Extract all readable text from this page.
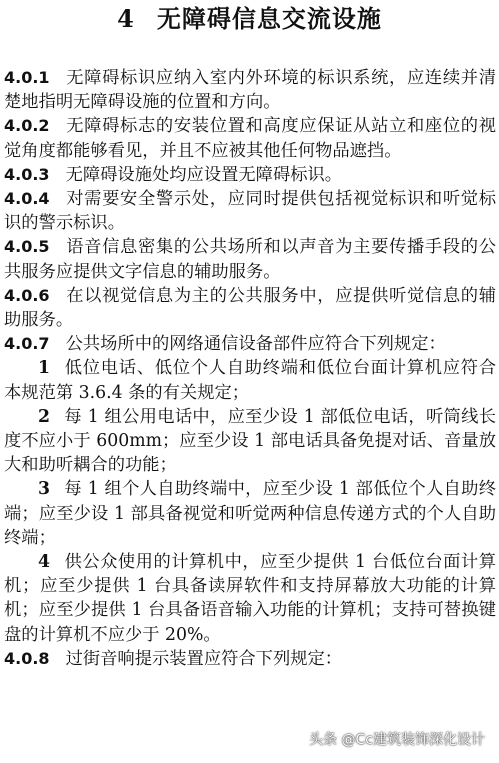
4 无障碍信息交流设施

4.0.1 无障碍标识应纳入室内外环境的标识系统，应连续并清楚地指明无障碍设施的位置和方向。

4.0.2 无障碍标志的安装位置和高度应保证从站立和座位的视觉角度都能够看见，并且不应被其他任何物品遮挡。

4.0.3 无障碍设施处均应设置无障碍标识。

4.0.4 对需要安全警示处，应同时提供包括视觉标识和听觉标识的警示标识。

4.0.5 语音信息密集的公共场所和以声音为主要传播手段的公共服务应提供文字信息的辅助服务。

4.0.6 在以视觉信息为主的公共服务中，应提供听觉信息的辅助服务。

4.0.7 公共场所中的网络通信设备部件应符合下列规定：

1 低位电话、低位个人自助终端和低位台面计算机应符合本规范第 3.6.4 条的有关规定；

2 每 1 组公用电话中，应至少设 1 部低位电话，听筒线长度不应小于 600mm；应至少设 1 部电话具备免提对话、音量放大和助听耦合的功能；

3 每 1 组个人自助终端中，应至少设 1 部低位个人自助终端；应至少设 1 部具备视觉和听觉两种信息传递方式的个人自助终端；

4 供公众使用的计算机中，应至少提供 1 台低位台面计算机；应至少提供 1 台具备读屏软件和支持屏幕放大功能的计算机；应至少提供 1 台具备语音输入功能的计算机；支持可替换键盘的计算机不应少于 20%。

4.0.8 过街音响提示装置应符合下列规定：

头条 @Cc建筑装饰深化设计
